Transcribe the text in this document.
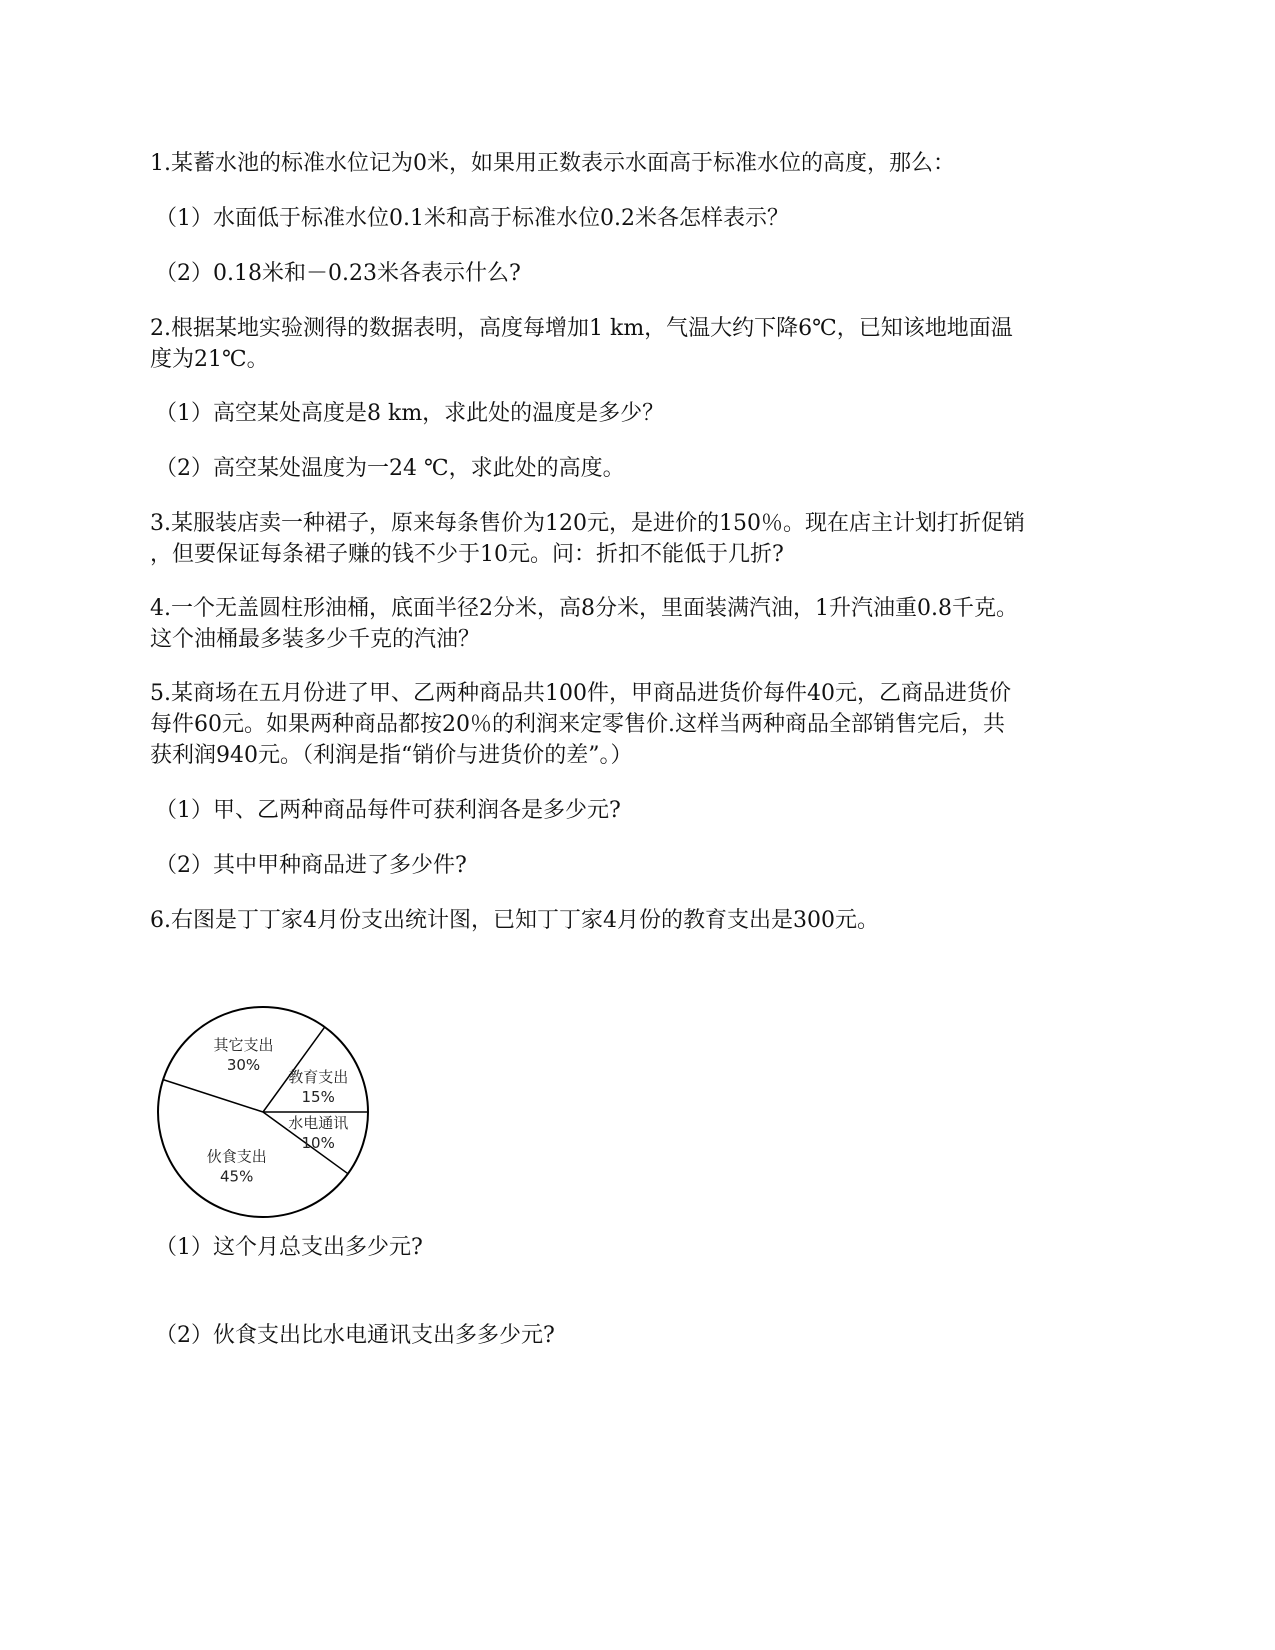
1.某蓄水池的标准水位记为0米，如果用正数表示水面高于标准水位的高度，那么：
（1）水面低于标准水位0.1米和高于标准水位0.2米各怎样表示？
（2）0.18米和－0.23米各表示什么?
2.根据某地实验测得的数据表明，高度每增加1 km，气温大约下降6℃，已知该地地面温
度为21℃。
（1）高空某处高度是8 km，求此处的温度是多少？
（2）高空某处温度为一24 ℃，求此处的高度。
3.某服装店卖一种裙子，原来每条售价为120元，是进价的150％。现在店主计划打折促销
，但要保证每条裙子赚的钱不少于10元。问：折扣不能低于几折?
4.一个无盖圆柱形油桶，底面半径2分米，高8分米，里面装满汽油，1升汽油重0.8千克。
这个油桶最多装多少千克的汽油？
5.某商场在五月份进了甲、乙两种商品共100件，甲商品进货价每件40元，乙商品进货价
每件60元。如果两种商品都按20％的利润来定零售价.这样当两种商品全部销售完后，共
获利润940元。（利润是指“销价与进货价的差”。）
（1）甲、乙两种商品每件可获利润各是多少元?
（2）其中甲种商品进了多少件?
6.右图是丁丁家4月份支出统计图，已知丁丁家4月份的教育支出是300元。
教育支出
15%
其它支出
30%
伙食支出
45%
水电通讯
10%
（1）这个月总支出多少元?
（2）伙食支出比水电通讯支出多多少元?
